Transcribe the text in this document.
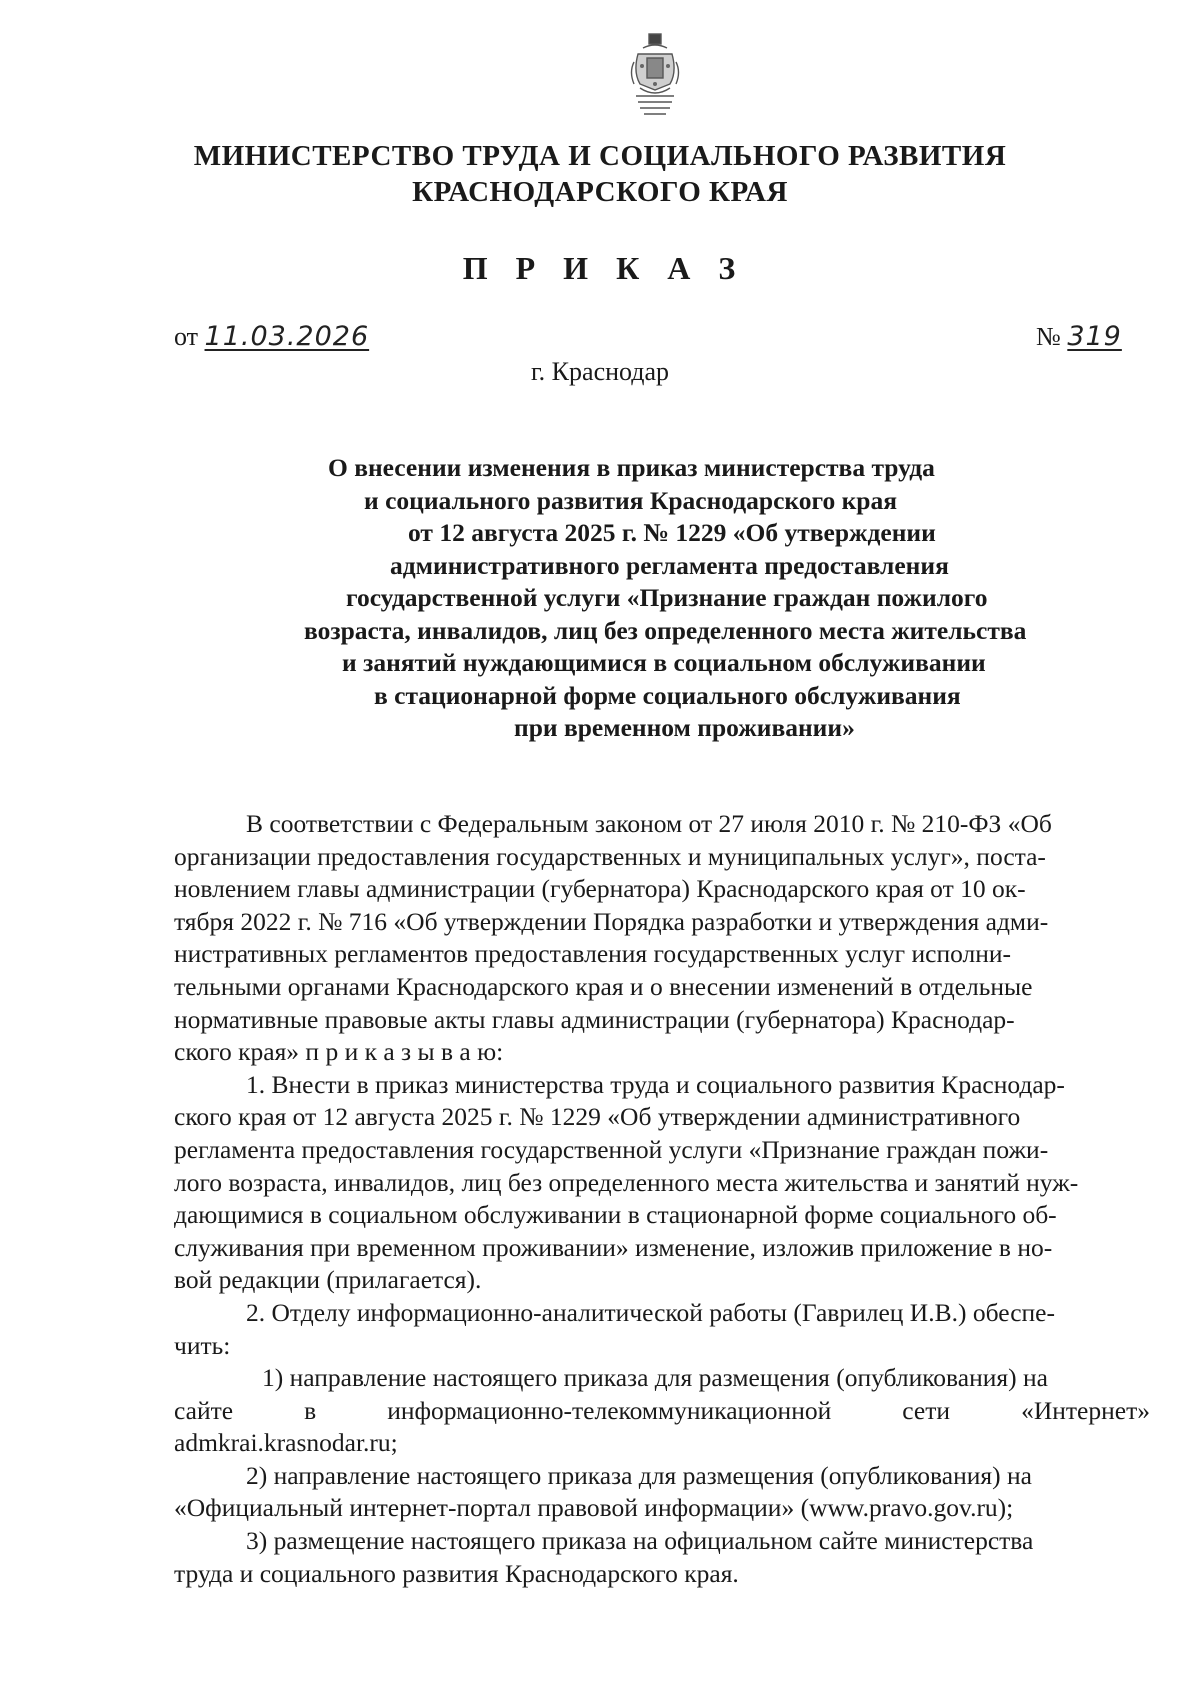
МИНИСТЕРСТВО ТРУДА И СОЦИАЛЬНОГО РАЗВИТИЯ
КРАСНОДАРСКОГО КРАЯ
П Р И К А З
от 11.03.2026	№ 319
г. Краснодар
О внесении изменения в приказ министерства труда
и социального развития Краснодарского края
от 12 августа 2025 г. № 1229 «Об утверждении
административного регламента предоставления
государственной услуги «Признание граждан пожилого
возраста, инвалидов, лиц без определенного места жительства
и занятий нуждающимися в социальном обслуживании
в стационарной форме социального обслуживания
при временном проживании»
В соответствии с Федеральным законом от 27 июля 2010 г. № 210-ФЗ «Об
организации предоставления государственных и муниципальных услуг», поста-
новлением главы администрации (губернатора) Краснодарского края от 10 ок-
тября 2022 г. № 716 «Об утверждении Порядка разработки и утверждения адми-
нистративных регламентов предоставления государственных услуг исполни-
тельными органами Краснодарского края и о внесении изменений в отдельные
нормативные правовые акты главы администрации (губернатора) Краснодар-
ского края» п р и к а з ы в а ю:
1. Внести в приказ министерства труда и социального развития Краснодар-
ского края от 12 августа 2025 г. № 1229 «Об утверждении административного
регламента предоставления государственной услуги «Признание граждан пожи-
лого возраста, инвалидов, лиц без определенного места жительства и занятий нуж-
дающимися в социальном обслуживании в стационарной форме социального об-
служивания при временном проживании» изменение, изложив приложение в но-
вой редакции (прилагается).
2. Отделу информационно-аналитической работы (Гаврилец И.В.) обеспе-
чить:
1) направление настоящего приказа для размещения (опубликования) на
сайте в информационно-телекоммуникационной сети «Интернет»
admkrai.krasnodar.ru;
2) направление настоящего приказа для размещения (опубликования) на
«Официальный интернет-портал правовой информации» (www.pravo.gov.ru);
3) размещение настоящего приказа на официальном сайте министерства
труда и социального развития Краснодарского края.
